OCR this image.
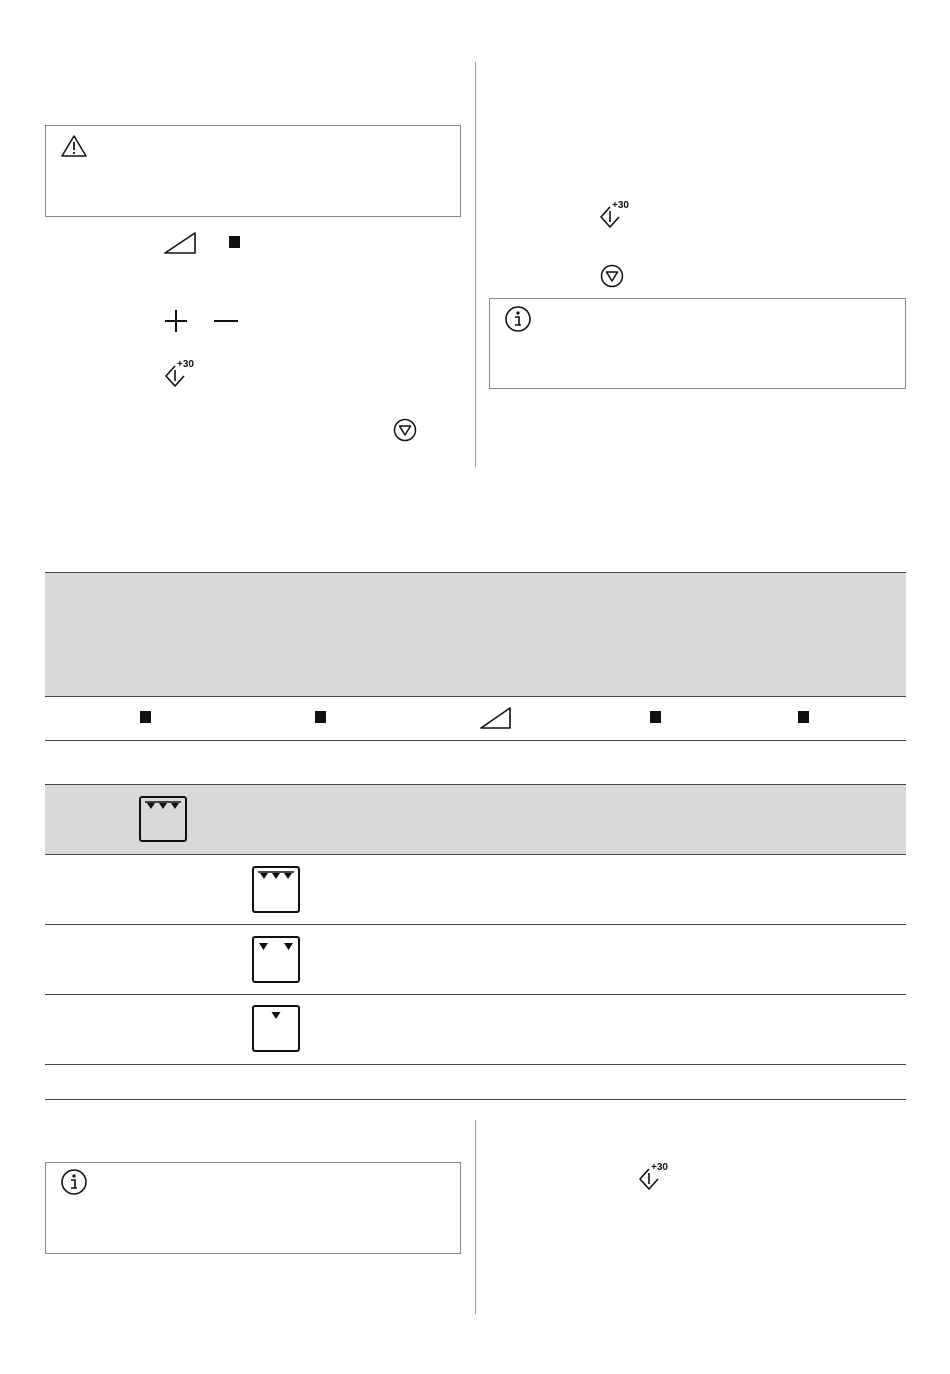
+30
+30
+30
